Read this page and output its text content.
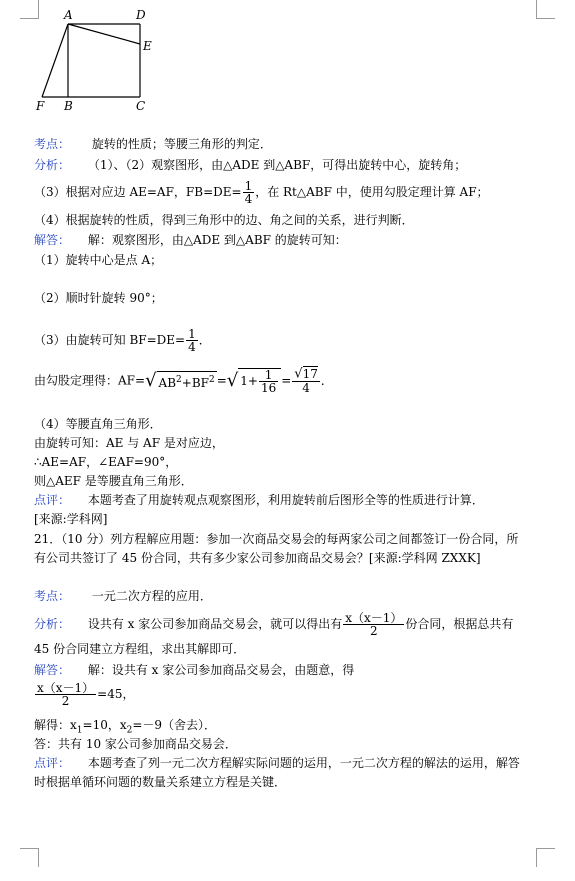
A	D
E
F B	C
考点： 旋转的性质；等腰三角形的判定．
分析： （1）、（2）观察图形，由△ADE 到△ABF，可得出旋转中心，旋转角；
（3）根据对应边 AE=AF，$FB=DE= \frac{1}{4}$ ，在 Rt△ABF 中，使用勾股定理计算 AF；
（4）根据旋转的性质，得到三角形中的边、角之间的关系，进行判断．
解答： 解：观察图形，由△ADE 到△ABF 的旋转可知：
（1）旋转中心是点 A；
（2）顺时针旋转 90°；
（3）由旋转可知 $BF=DE= \frac{1}{4}$ ．
由勾股定理得：AF=√ $AB^2+BF^2$ =√ $1+ \frac{1}{16} = \frac{√17}{4}$ ．
（4）等腰直角三角形．
由旋转可知：AE 与 AF 是对应边，
∴AE=AF，∠EAF=90°，
则△AEF 是等腰直角三角形．
点评： 本题考查了用旋转观点观察图形，利用旋转前后图形全等的性质进行计算．
[来源:学科网]
21．（10 分）列方程解应用题：参加一次商品交易会的每两家公司之间都签订一份合同，所
有公司共签订了 45 份合同，共有多少家公司参加商品交易会？[来源:学科网 ZXXK]
考点： 一元二次方程的应用．
分析： 设共有 x 家公司参加商品交易会，就可以得出有 $\frac{x(x-1)}{2}$ 份合同，根据总共有
45 份合同建立方程组，求出其解即可．
解答： 解：设共有 x 家公司参加商品交易会，由题意，得
$\frac{x(x-1)}{2} =45$，
解得：$x_1=10$，$x_2=-9$（舍去）．
答：共有 10 家公司参加商品交易会．
点评： 本题考查了列一元二次方程解实际问题的运用，一元二次方程的解法的运用，解答
时根据单循环问题的数量关系建立方程是关键．
